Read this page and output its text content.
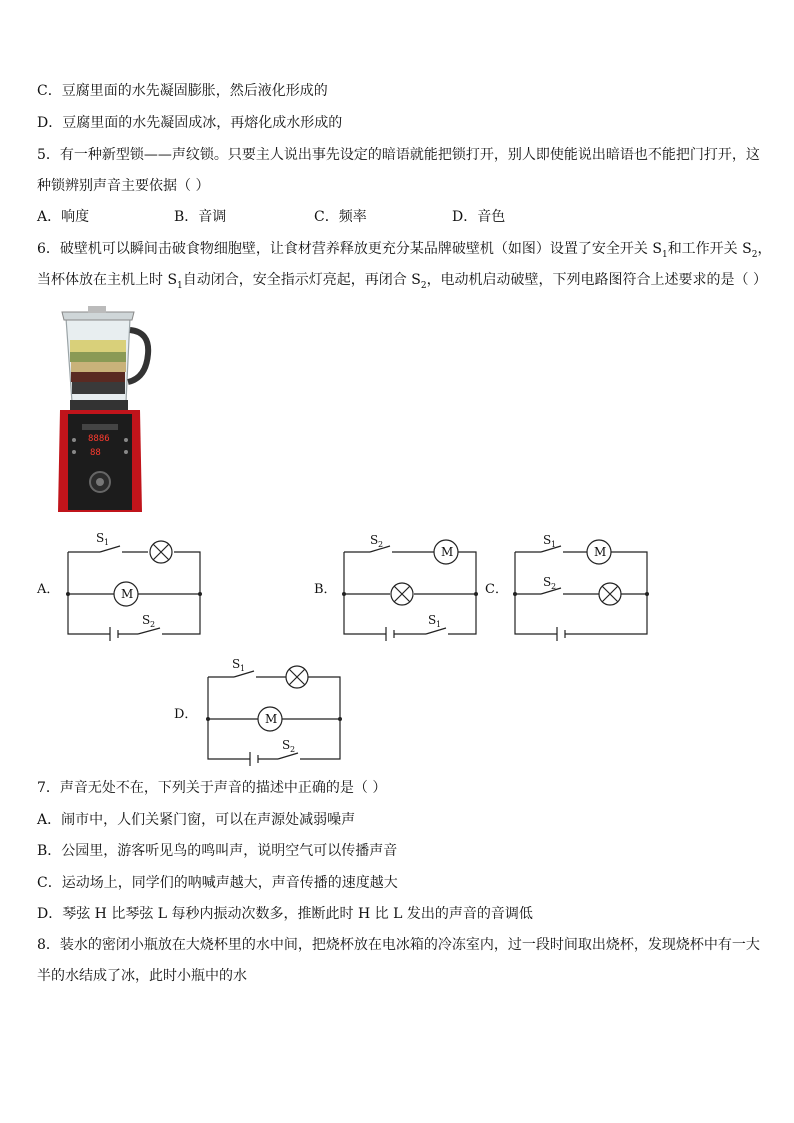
C．豆腐里面的水先凝固膨胀，然后液化形成的
D．豆腐里面的水先凝固成冰，再熔化成水形成的
5．有一种新型锁——声纹锁。只要主人说出事先设定的暗语就能把锁打开，别人即使能说出暗语也不能把门打开，这
种锁辨别声音主要依据（ ）
A．响度	B．音调	C．频率	D．音色
6．破壁机可以瞬间击破食物细胞壁，让食材营养释放更充分某品牌破壁机（如图）设置了安全开关 $S_1$和工作开关 $S_2$，
当杯体放在主机上时 $S_1$自动闭合，安全指示灯亮起，再闭合 $S_2$，电动机启动破壁，下列电路图符合上述要求的是（ ）
8886
88
A．	M
S 1
S 2
B．
M
S 2
S 1
C．
M
S 1
S 2
D．	M
S 1
S 2
7．声音无处不在，下列关于声音的描述中正确的是（ ）
A．闹市中，人们关紧门窗，可以在声源处减弱噪声
B．公园里，游客听见鸟的鸣叫声，说明空气可以传播声音
C．运动场上，同学们的呐喊声越大，声音传播的速度越大
D．琴弦 H 比琴弦 L 每秒内振动次数多，推断此时 H 比 L 发出的声音的音调低
8．装水的密闭小瓶放在大烧杯里的水中间，把烧杯放在电冰箱的冷冻室内，过一段时间取出烧杯，发现烧杯中有一大
半的水结成了冰，此时小瓶中的水
